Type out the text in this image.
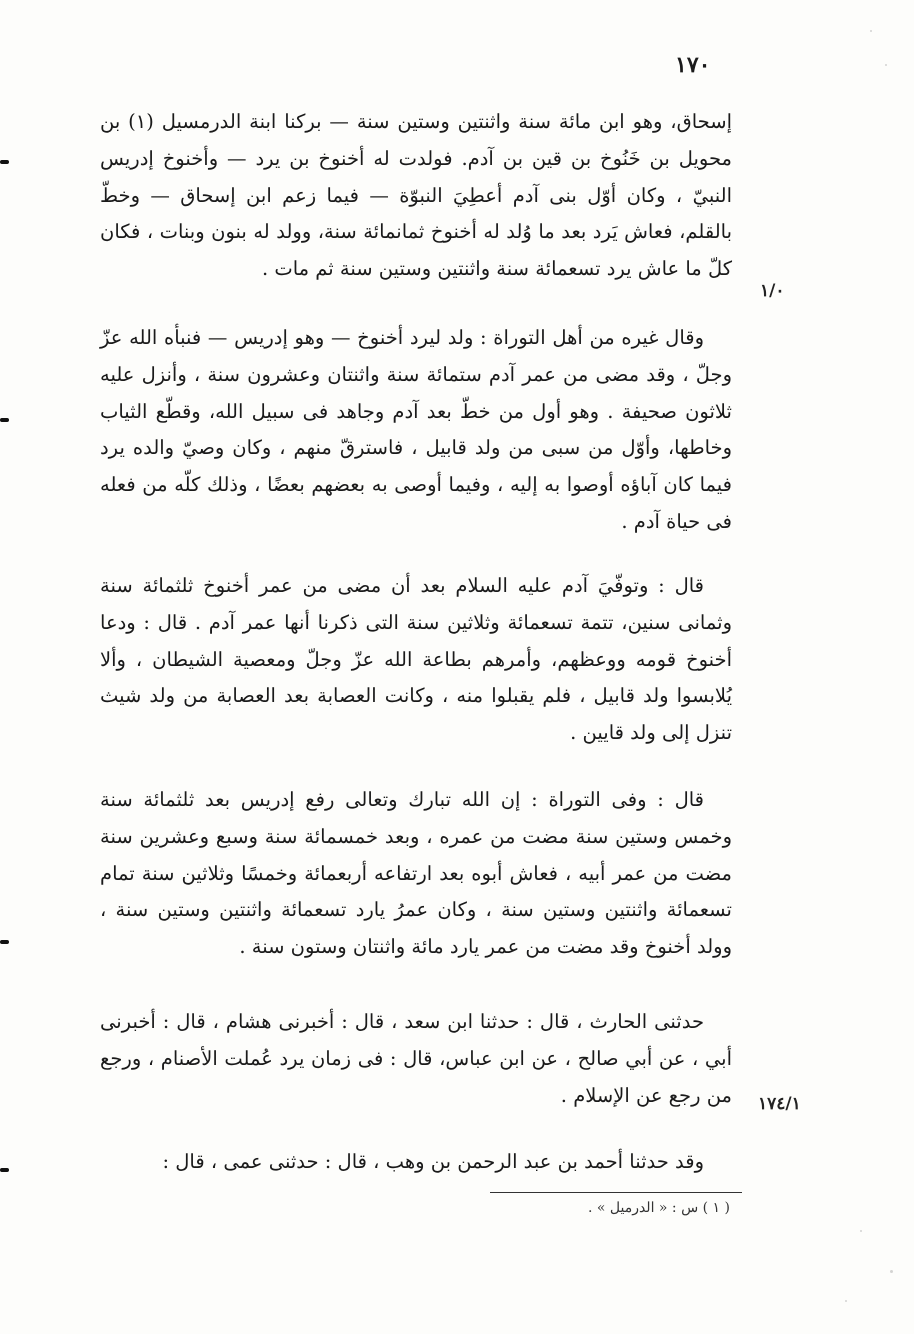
١٧٠
١/٠
١٧٤/١

إسحاق، وهو ابن مائة سنة واثنتين وستين سنة — بركنا ابنة الدرمسيل (١) بن محويل بن خَنُوخ بن قين بن آدم. فولدت له أخنوخ بن يرد — وأخنوخ إدريس النبيّ ، وكان أوّل بنى آدم أعطِيَ النبوّة — فيما زعم ابن إسحاق — وخطّ بالقلم، فعاش يَرد بعد ما وُلد له أخنوخ ثمانمائة سنة، وولد له بنون وبنات ، فكان كلّ ما عاش يرد تسعمائة سنة واثنتين وستين سنة ثم مات .

وقال غيره من أهل التوراة : ولد ليرد أخنوخ — وهو إدريس — فنبأه الله عزّ وجلّ ، وقد مضى من عمر آدم ستمائة سنة واثنتان وعشرون سنة ، وأنزل عليه ثلاثون صحيفة . وهو أول من خطّ بعد آدم وجاهد فى سبيل الله، وقطّع الثياب وخاطها، وأوّل من سبى من ولد قابيل ، فاسترقّ منهم ، وكان وصيّ والده يرد فيما كان آباؤه أوصوا به إليه ، وفيما أوصى به بعضهم بعضًا ، وذلك كلّه من فعله فى حياة آدم .

قال : وتوفّيَ آدم عليه السلام بعد أن مضى من عمر أخنوخ ثلثمائة سنة وثمانى سنين، تتمة تسعمائة وثلاثين سنة التى ذكرنا أنها عمر آدم . قال : ودعا أخنوخ قومه ووعظهم، وأمرهم بطاعة الله عزّ وجلّ ومعصية الشيطان ، وألا يُلابسوا ولد قابيل ، فلم يقبلوا منه ، وكانت العصابة بعد العصابة من ولد شيث تنزل إلى ولد قايين .

قال : وفى التوراة : إن الله تبارك وتعالى رفع إدريس بعد ثلثمائة سنة وخمس وستين سنة مضت من عمره ، وبعد خمسمائة سنة وسبع وعشرين سنة مضت من عمر أبيه ، فعاش أبوه بعد ارتفاعه أربعمائة وخمسًا وثلاثين سنة تمام تسعمائة واثنتين وستين سنة ، وكان عمرُ يارد تسعمائة واثنتين وستين سنة ، وولد أخنوخ وقد مضت من عمر يارد مائة واثنتان وستون سنة .

حدثنى الحارث ، قال : حدثنا ابن سعد ، قال : أخبرنى هشام ، قال : أخبرنى أبي ، عن أبي صالح ، عن ابن عباس، قال : فى زمان يرد عُملت الأصنام ، ورجع من رجع عن الإسلام .

وقد حدثنا أحمد بن عبد الرحمن بن وهب ، قال : حدثنى عمى ، قال :

( ١ ) س : « الدرميل » .
